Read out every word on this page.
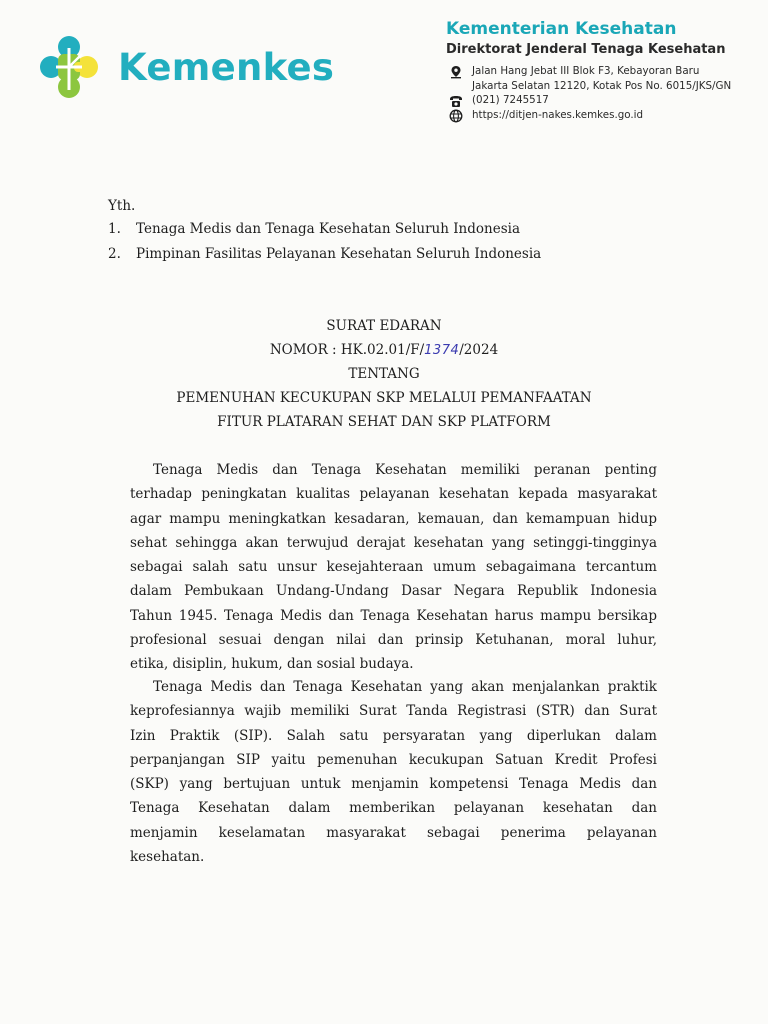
Kemenkes
Kementerian Kesehatan
Direktorat Jenderal Tenaga Kesehatan
Jalan Hang Jebat III Blok F3, Kebayoran Baru
Jakarta Selatan 12120, Kotak Pos No. 6015/JKS/GN
(021) 7245517
https://ditjen-nakes.kemkes.go.id
Yth.
1. Tenaga Medis dan Tenaga Kesehatan Seluruh Indonesia
2. Pimpinan Fasilitas Pelayanan Kesehatan Seluruh Indonesia
SURAT EDARAN
NOMOR : HK.02.01/F/1374/2024
TENTANG
PEMENUHAN KECUKUPAN SKP MELALUI PEMANFAATAN
FITUR PLATARAN SEHAT DAN SKP PLATFORM
Tenaga Medis dan Tenaga Kesehatan memiliki peranan penting
terhadap peningkatan kualitas pelayanan kesehatan kepada masyarakat
agar mampu meningkatkan kesadaran, kemauan, dan kemampuan hidup
sehat sehingga akan terwujud derajat kesehatan yang setinggi-tingginya
sebagai salah satu unsur kesejahteraan umum sebagaimana tercantum
dalam Pembukaan Undang-Undang Dasar Negara Republik Indonesia
Tahun 1945. Tenaga Medis dan Tenaga Kesehatan harus mampu bersikap
profesional sesuai dengan nilai dan prinsip Ketuhanan, moral luhur,
etika, disiplin, hukum, dan sosial budaya.
Tenaga Medis dan Tenaga Kesehatan yang akan menjalankan praktik
keprofesiannya wajib memiliki Surat Tanda Registrasi (STR) dan Surat
Izin Praktik (SIP). Salah satu persyaratan yang diperlukan dalam
perpanjangan SIP yaitu pemenuhan kecukupan Satuan Kredit Profesi
(SKP) yang bertujuan untuk menjamin kompetensi Tenaga Medis dan
Tenaga Kesehatan dalam memberikan pelayanan kesehatan dan
menjamin keselamatan masyarakat sebagai penerima pelayanan
kesehatan.
